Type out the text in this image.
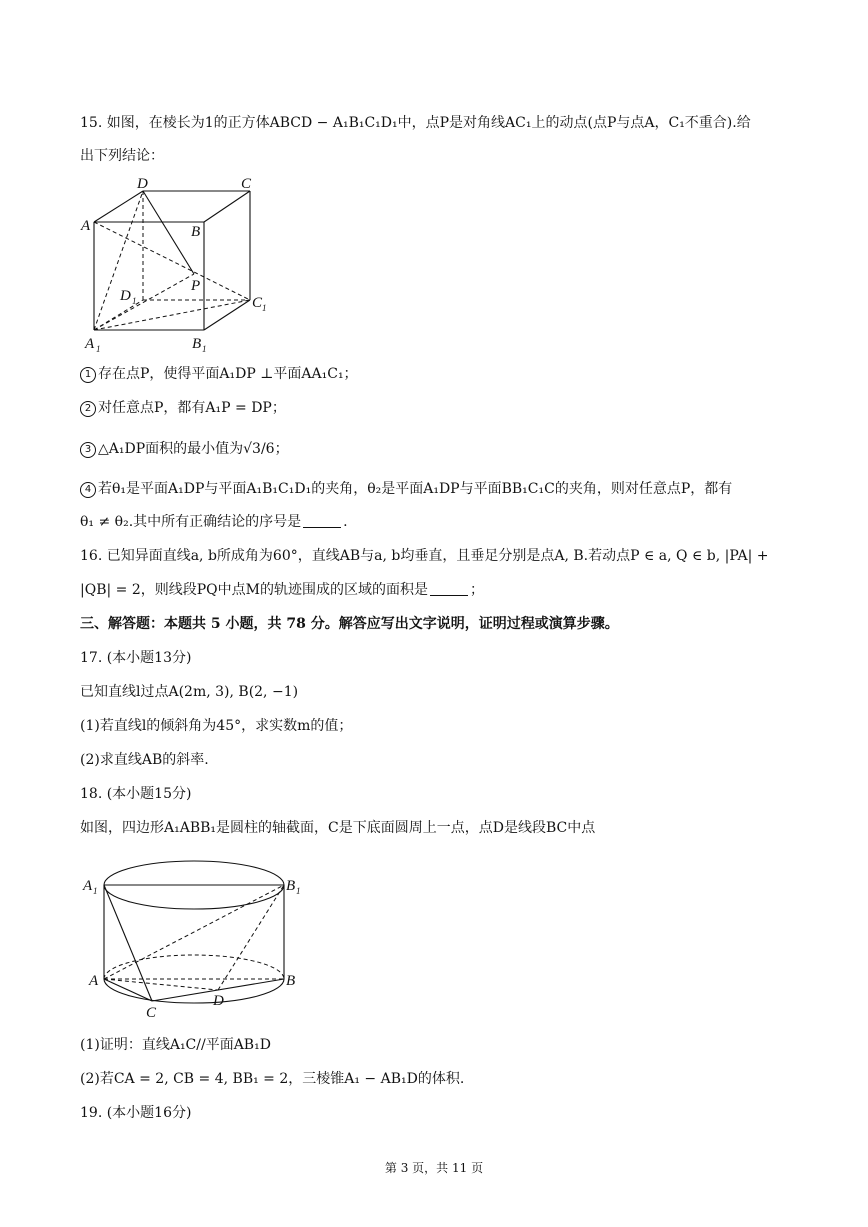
15. 如图，在棱长为1的正方体ABCD − A₁B₁C₁D₁中，点P是对角线AC₁上的动点(点P与点A，C₁不重合).给
出下列结论：
D	C
A	B
P
D 1	C 1
A 1	B 1
1 存在点P，使得平面A₁DP ⊥平面AA₁C₁；
2 对任意点P，都有A₁P = DP；
3 △A₁DP面积的最小值为√3/6；
4 若θ₁是平面A₁DP与平面A₁B₁C₁D₁的夹角，θ₂是平面A₁DP与平面BB₁C₁C的夹角，则对任意点P，都有
θ₁ ≠ θ₂.其中所有正确结论的序号是	.
16. 已知异面直线a, b所成角为60°，直线AB与a, b均垂直，且垂足分别是点A, B.若动点P ∈ a, Q ∈ b, |PA| +
|QB| = 2，则线段PQ中点M的轨迹围成的区域的面积是	；
三、解答题：本题共 5 小题，共 78 分。解答应写出文字说明，证明过程或演算步骤。
17. (本小题13分)
已知直线l过点A(2m, 3), B(2, −1)
(1)若直线l的倾斜角为45°，求实数m的值；
(2)求直线AB的斜率.
18. (本小题15分)
如图，四边形A₁ABB₁是圆柱的轴截面，C是下底面圆周上一点，点D是线段BC中点
A 1	B 1
A	B
C
D
(1)证明：直线A₁C//平面AB₁D
(2)若CA = 2, CB = 4, BB₁ = 2，三棱锥A₁ − AB₁D的体积.
19. (本小题16分)
第 3 页，共 11 页
